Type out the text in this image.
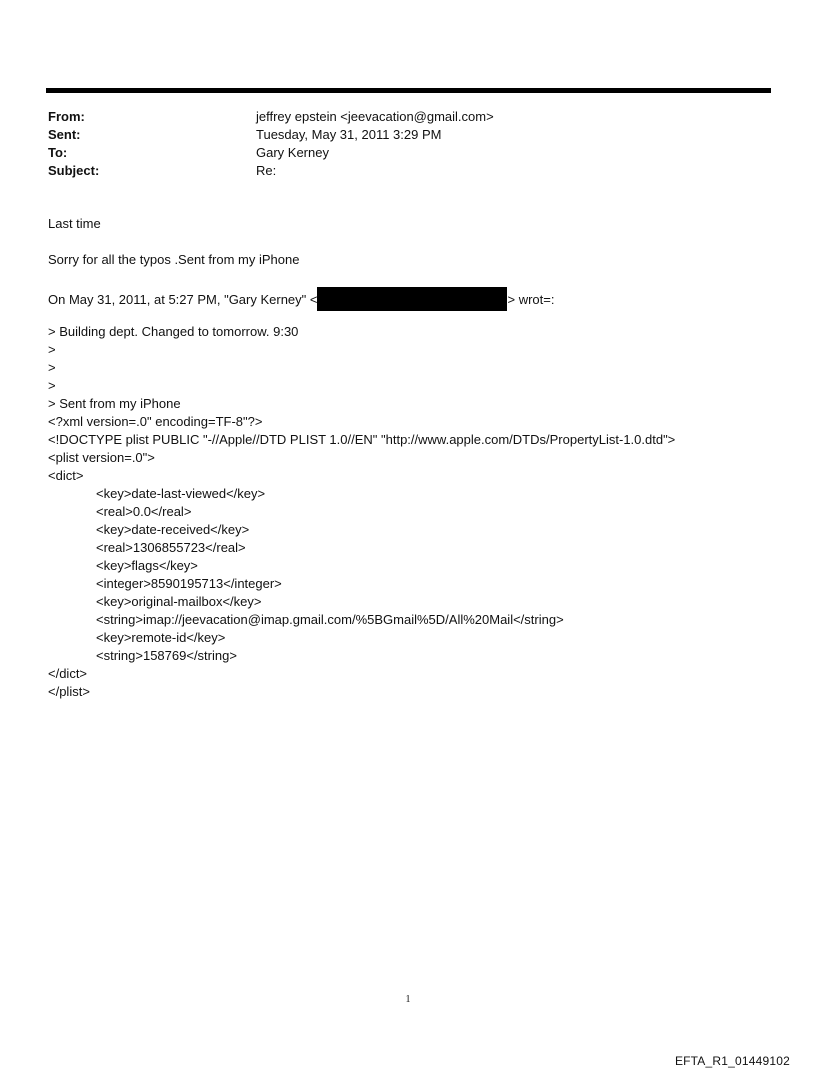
From:	jeffrey epstein <jeevacation@gmail.com>
Sent:	Tuesday, May 31, 2011 3:29 PM
To:	Gary Kerney
Subject:	Re:
Last time
Sorry for all the typos .Sent from my iPhone
On May 31, 2011, at 5:27 PM, "Gary Kerney" <	> wrot=:
> Building dept. Changed to tomorrow. 9:30
>
>
>
> Sent from my iPhone
<?xml version=.0" encoding=TF-8"?>
<!DOCTYPE plist PUBLIC "-//Apple//DTD PLIST 1.0//EN" "http://www.apple.com/DTDs/PropertyList-1.0.dtd">
<plist version=.0">
<dict>
<key>date-last-viewed</key>
<real>0.0</real>
<key>date-received</key>
<real>1306855723</real>
<key>flags</key>
<integer>8590195713</integer>
<key>original-mailbox</key>
<string>imap://jeevacation@imap.gmail.com/%5BGmail%5D/All%20Mail</string>
<key>remote-id</key>
<string>158769</string>
</dict>
</plist>
1
EFTA_R1_01449102
